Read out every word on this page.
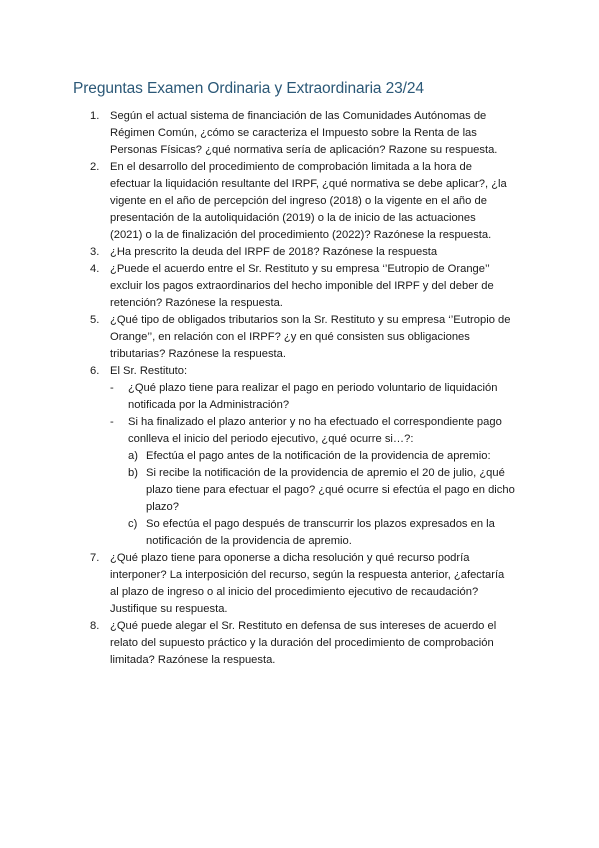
Preguntas Examen Ordinaria y Extraordinaria 23/24
1. Según el actual sistema de financiación de las Comunidades Autónomas de
Régimen Común, ¿cómo se caracteriza el Impuesto sobre la Renta de las
Personas Físicas? ¿qué normativa sería de aplicación? Razone su respuesta.
2. En el desarrollo del procedimiento de comprobación limitada a la hora de
efectuar la liquidación resultante del IRPF, ¿qué normativa se debe aplicar?, ¿la
vigente en el año de percepción del ingreso (2018) o la vigente en el año de
presentación de la autoliquidación (2019) o la de inicio de las actuaciones
(2021) o la de finalización del procedimiento (2022)? Razónese la respuesta.
3. ¿Ha prescrito la deuda del IRPF de 2018? Razónese la respuesta
4. ¿Puede el acuerdo entre el Sr. Restituto y su empresa ‘’Eutropio de Orange’’
excluir los pagos extraordinarios del hecho imponible del IRPF y del deber de
retención? Razónese la respuesta.
5. ¿Qué tipo de obligados tributarios son la Sr. Restituto y su empresa ‘’Eutropio de
Orange’’, en relación con el IRPF? ¿y en qué consisten sus obligaciones
tributarias? Razónese la respuesta.
6. El Sr. Restituto:
- ¿Qué plazo tiene para realizar el pago en periodo voluntario de liquidación
notificada por la Administración?
- Si ha finalizado el plazo anterior y no ha efectuado el correspondiente pago
conlleva el inicio del periodo ejecutivo, ¿qué ocurre si…?:
a) Efectúa el pago antes de la notificación de la providencia de apremio:
b) Si recibe la notificación de la providencia de apremio el 20 de julio, ¿qué
plazo tiene para efectuar el pago? ¿qué ocurre si efectúa el pago en dicho
plazo?
c) So efectúa el pago después de transcurrir los plazos expresados en la
notificación de la providencia de apremio.
7. ¿Qué plazo tiene para oponerse a dicha resolución y qué recurso podría
interponer? La interposición del recurso, según la respuesta anterior, ¿afectaría
al plazo de ingreso o al inicio del procedimiento ejecutivo de recaudación?
Justifique su respuesta.
8. ¿Qué puede alegar el Sr. Restituto en defensa de sus intereses de acuerdo el
relato del supuesto práctico y la duración del procedimiento de comprobación
limitada? Razónese la respuesta.
